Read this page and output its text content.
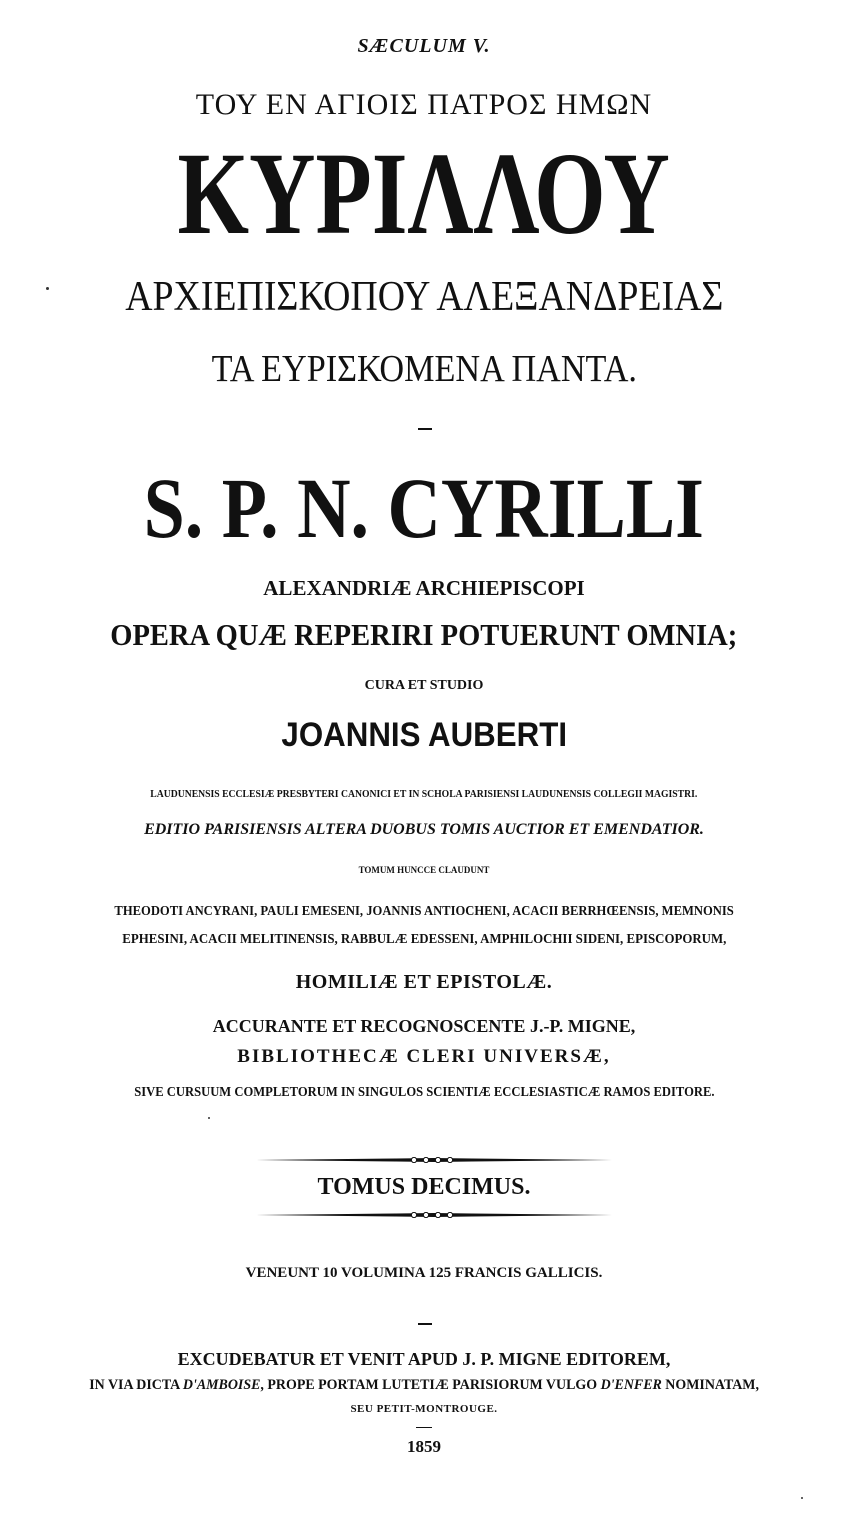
SÆCULUM V.
ΤΟΥ ΕΝ ΑΓΙΟΙΣ ΠΑΤΡΟΣ ΗΜΩΝ
ΚΥΡΙΛΛΟΥ
ΑΡΧΙΕΠΙΣΚΟΠΟΥ ΑΛΕΞΑΝΔΡΕΙΑΣ
ΤΑ ΕΥΡΙΣΚΟΜΕΝΑ ΠΑΝΤΑ.
S. P. N. CYRILLI
ALEXANDRIÆ ARCHIEPISCOPI
OPERA QUÆ REPERIRI POTUERUNT OMNIA;
CURA ET STUDIO
JOANNIS AUBERTI
LAUDUNENSIS ECCLESIÆ PRESBYTERI CANONICI ET IN SCHOLA PARISIENSI LAUDUNENSIS COLLEGII MAGISTRI.
EDITIO PARISIENSIS ALTERA DUOBUS TOMIS AUCTIOR ET EMENDATIOR.
TOMUM HUNCCE CLAUDUNT
THEODOTI ANCYRANI, PAULI EMESENI, JOANNIS ANTIOCHENI, ACACII BERRHŒENSIS, MEMNONIS
EPHESINI, ACACII MELITINENSIS, RABBULÆ EDESSENI, AMPHILOCHII SIDENI, EPISCOPORUM,
HOMILIÆ ET EPISTOLÆ.
ACCURANTE ET RECOGNOSCENTE J.-P. MIGNE,
BIBLIOTHECÆ CLERI UNIVERSÆ,
SIVE CURSUUM COMPLETORUM IN SINGULOS SCIENTIÆ ECCLESIASTICÆ RAMOS EDITORE.
TOMUS DECIMUS.
VENEUNT 10 VOLUMINA 125 FRANCIS GALLICIS.
EXCUDEBATUR ET VENIT APUD J. P. MIGNE EDITOREM,
IN VIA DICTA D'AMBOISE, PROPE PORTAM LUTETIÆ PARISIORUM VULGO D'ENFER NOMINATAM,
SEU PETIT-MONTROUGE.
1859
